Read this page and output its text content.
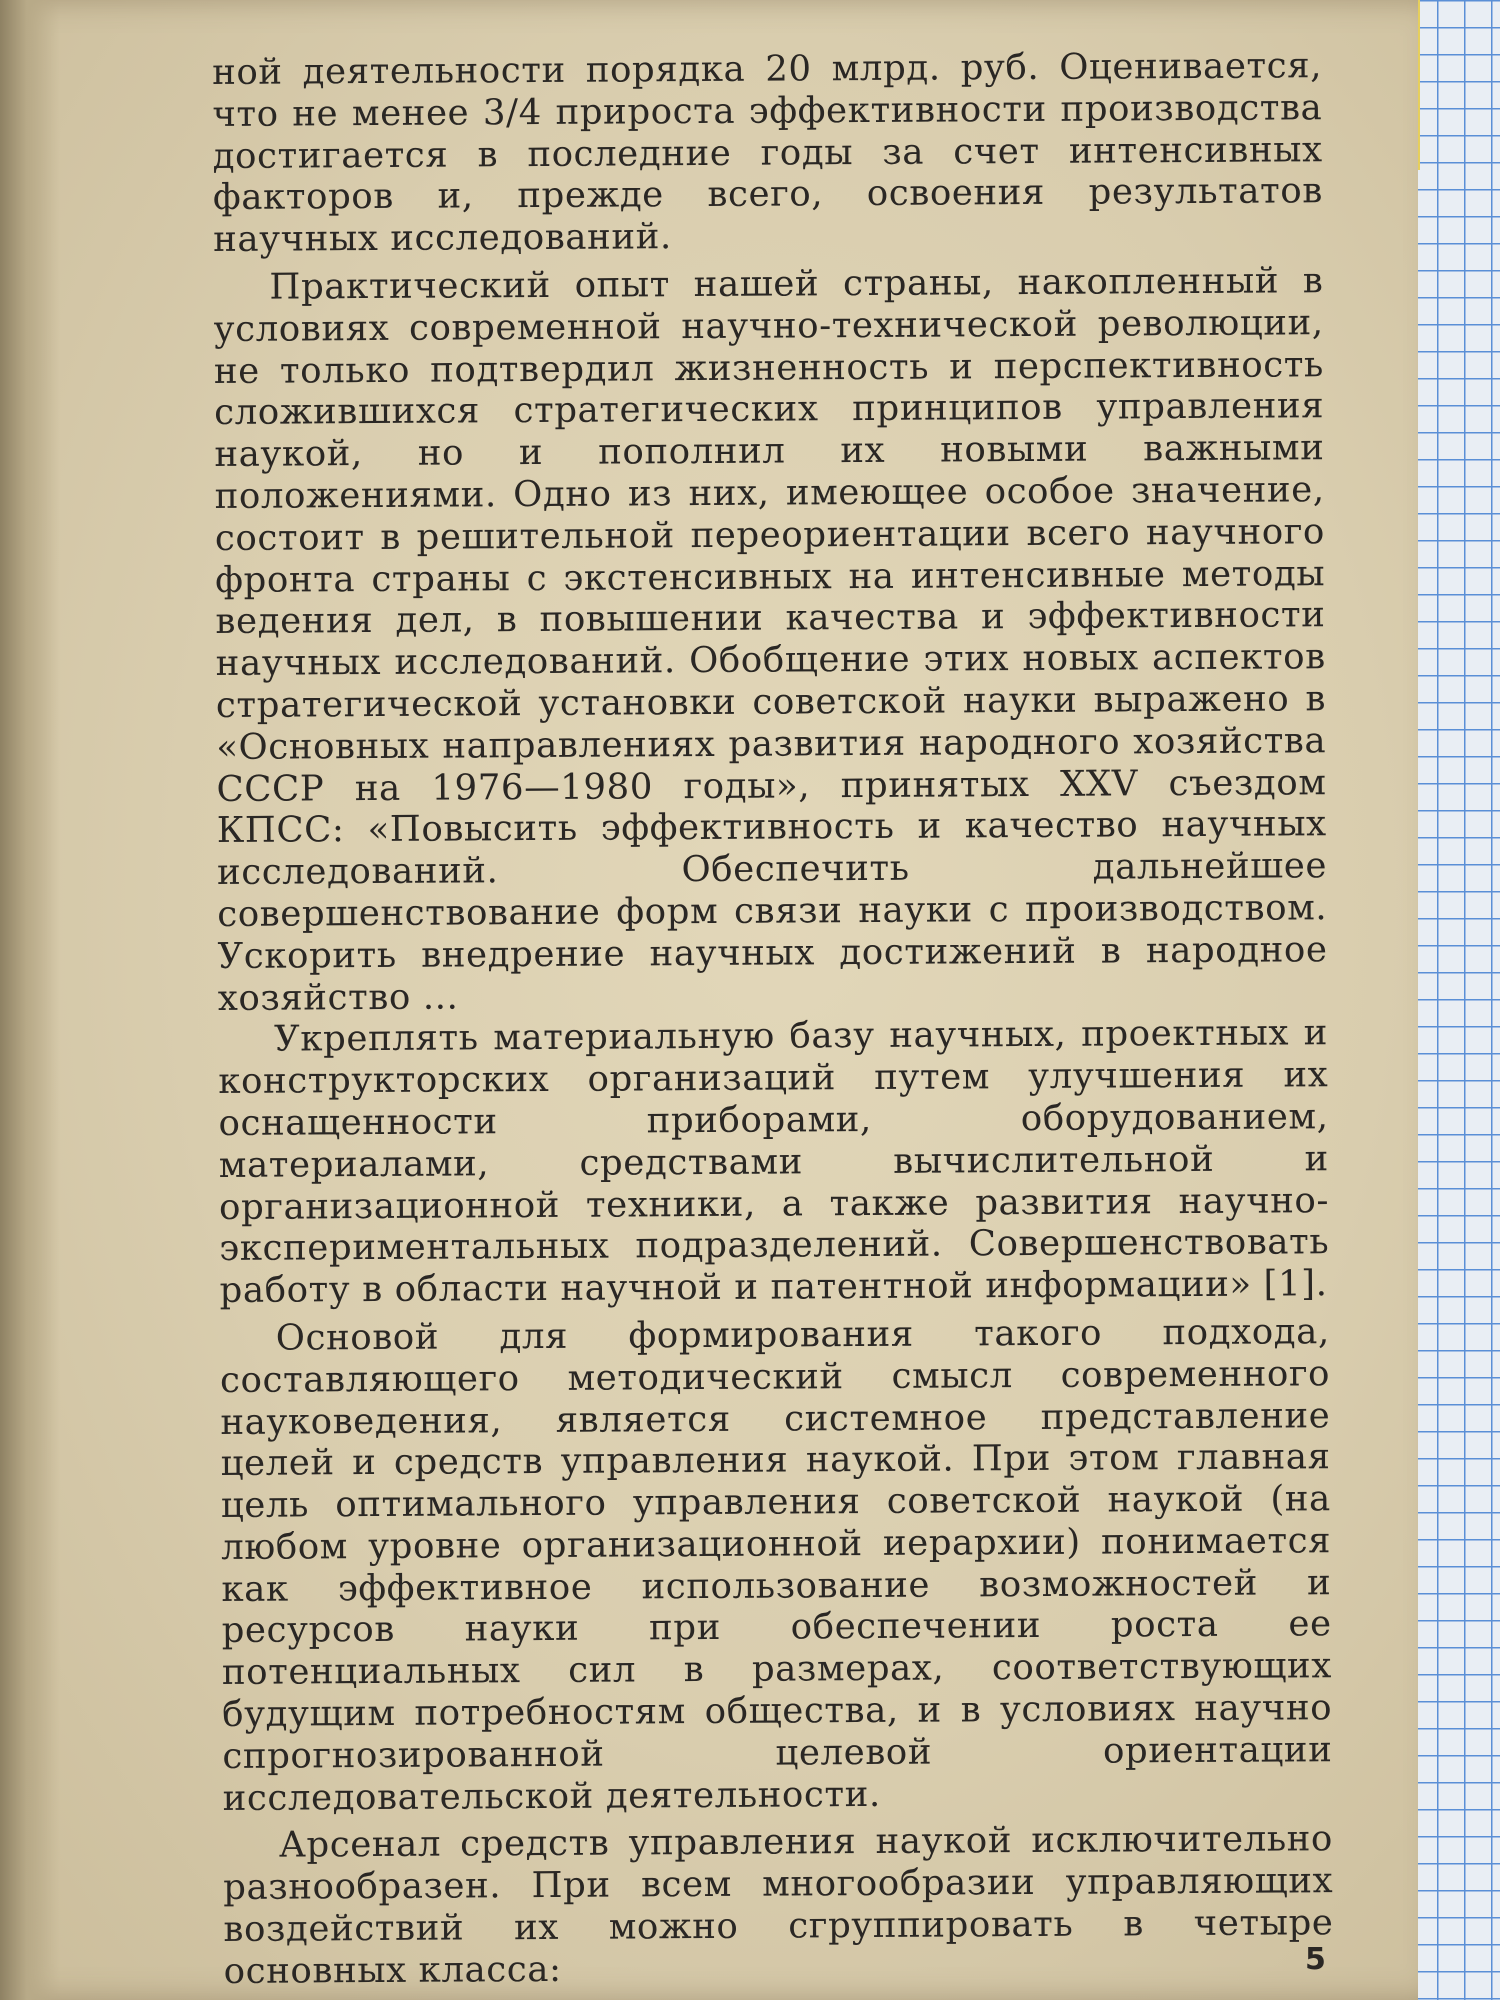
ной деятельности порядка 20 млрд. руб. Оценивается, что не менее 3/4 прироста эффективности производства достигается в последние годы за счет интенсивных факторов и, прежде всего, освоения результатов научных исследований.

Практический опыт нашей страны, накопленный в условиях современной научно-технической революции, не только подтвердил жизненность и перспективность сложившихся стратегических принципов управления наукой, но и пополнил их новыми важными положениями. Одно из них, имеющее особое значение, состоит в решительной переориентации всего научного фронта страны с экстенсивных на интенсивные методы ведения дел, в повышении качества и эффективности научных исследований. Обобщение этих новых аспектов стратегической установки советской науки выражено в «Основных направлениях развития народного хозяйства СССР на 1976—1980 годы», принятых XXV съездом КПСС: «Повысить эффективность и качество научных исследований. Обеспечить дальнейшее совершенствование форм связи науки с производством. Ускорить внедрение научных достижений в народное хозяйство ...

Укреплять материальную базу научных, проектных и конструкторских организаций путем улучшения их оснащенности приборами, оборудованием, материалами, средствами вычислительной и организационной техники, а также развития научно-экспериментальных подразделений. Совершенствовать работу в области научной и патентной информации» [1].

Основой для формирования такого подхода, составляющего методический смысл современного науковедения, является системное представление целей и средств управления наукой. При этом главная цель оптимального управления советской наукой (на любом уровне организационной иерархии) понимается как эффективное использование возможностей и ресурсов науки при обеспечении роста ее потенциальных сил в размерах, соответствующих будущим потребностям общества, и в условиях научно спрогнозированной целевой ориентации исследовательской деятельности.

Арсенал средств управления наукой исключительно разнообразен. При всем многообразии управляющих воздействий их можно сгруппировать в четыре основных класса:	5
